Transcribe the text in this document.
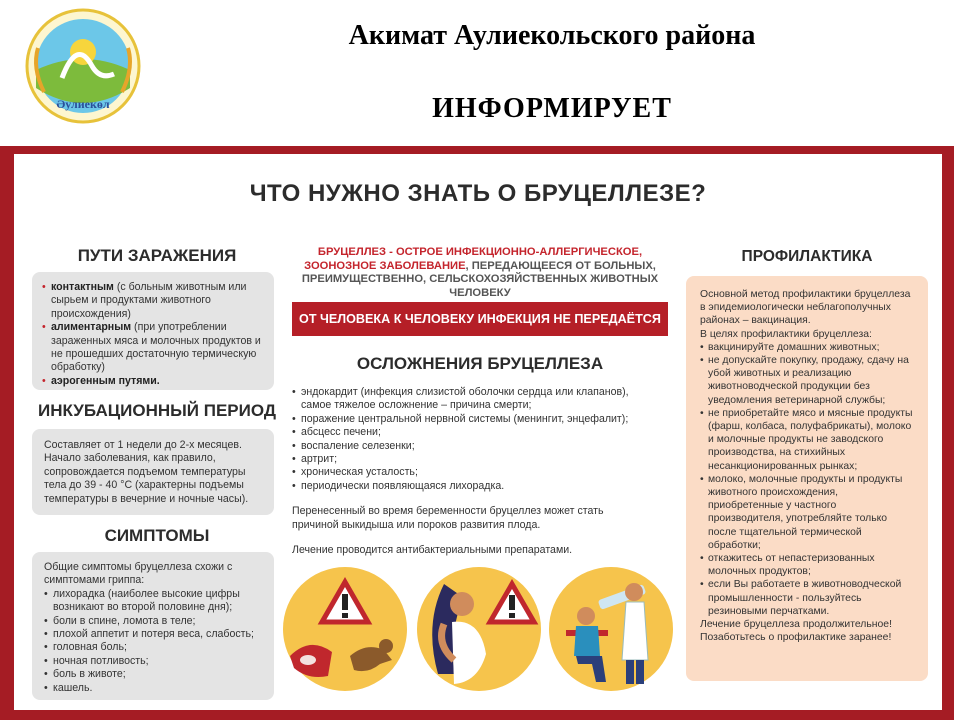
Әулиекөл
Акимат Аулиекольского района
ИНФОРМИРУЕТ
ЧТО НУЖНО ЗНАТЬ О БРУЦЕЛЛЕЗЕ?
ПУТИ ЗАРАЖЕНИЯ
• контактным (с больным животным или сырьем и продуктами животного происхождения)
• алиментарным (при употреблении зараженных мяса и молочных продуктов и не прошедших достаточную термическую обработку)
• аэрогенным путями.
ИНКУБАЦИОННЫЙ ПЕРИОД

Составляет от 1 недели до 2-х месяцев. Начало заболевания, как правило, сопровождается подъемом температуры тела до 39 - 40 °С (характерны подъемы температуры в вечерние и ночные часы).

СИМПТОМЫ

Общие симптомы бруцеллеза схожи с симптомами гриппа:

• лихорадка (наиболее высокие цифры возникают во второй половине дня);
• боли в спине, ломота в теле;
• плохой аппетит и потеря веса, слабость;
• головная боль;
• ночная потливость;
• боль в животе;
• кашель.
БРУЦЕЛЛЕЗ - ОСТРОЕ ИНФЕКЦИОННО-АЛЛЕРГИЧЕСКОЕ, ЗООНОЗНОЕ ЗАБОЛЕВАНИЕ, ПЕРЕДАЮЩЕЕСЯ ОТ БОЛЬНЫХ, ПРЕИМУЩЕСТВЕННО, СЕЛЬСКОХОЗЯЙСТВЕННЫХ ЖИВОТНЫХ ЧЕЛОВЕКУ
ОТ ЧЕЛОВЕКА К ЧЕЛОВЕКУ ИНФЕКЦИЯ НЕ ПЕРЕДАЁТСЯ
ОСЛОЖНЕНИЯ БРУЦЕЛЛЕЗА
• эндокардит (инфекция слизистой оболочки сердца или клапанов), самое тяжелое осложнение – причина смерти;
• поражение центральной нервной системы (менингит, энцефалит);
• абсцесс печени;
• воспаление селезенки;
• артрит;
• хроническая усталость;
• периодически появляющаяся лихорадка.

Перенесенный во время беременности бруцеллез может стать причиной выкидыша или пороков развития плода.

Лечение проводится антибактериальными препаратами.

ПРОФИЛАКТИКА

Основной метод профилактики бруцеллеза в эпидемиологически неблагополучных районах – вакцинация.

В целях профилактики бруцеллеза:

• вакцинируйте домашних животных;
• не допускайте покупку, продажу, сдачу на убой животных и реализацию животноводческой продукции без уведомления ветеринарной службы;
• не приобретайте мясо и мясные продукты (фарш, колбаса, полуфабрикаты), молоко и молочные продукты не заводского производства, на стихийных несанкционированных рынках;
• молоко, молочные продукты и продукты животного происхождения, приобретенные у частного производителя, употребляйте только после тщательной термической обработки;
• откажитесь от непастеризованных молочных продуктов;
• если Вы работаете в животноводческой промышленности - пользуйтесь резиновыми перчатками.

Лечение бруцеллеза продолжительное!

Позаботьтесь о профилактике заранее!
